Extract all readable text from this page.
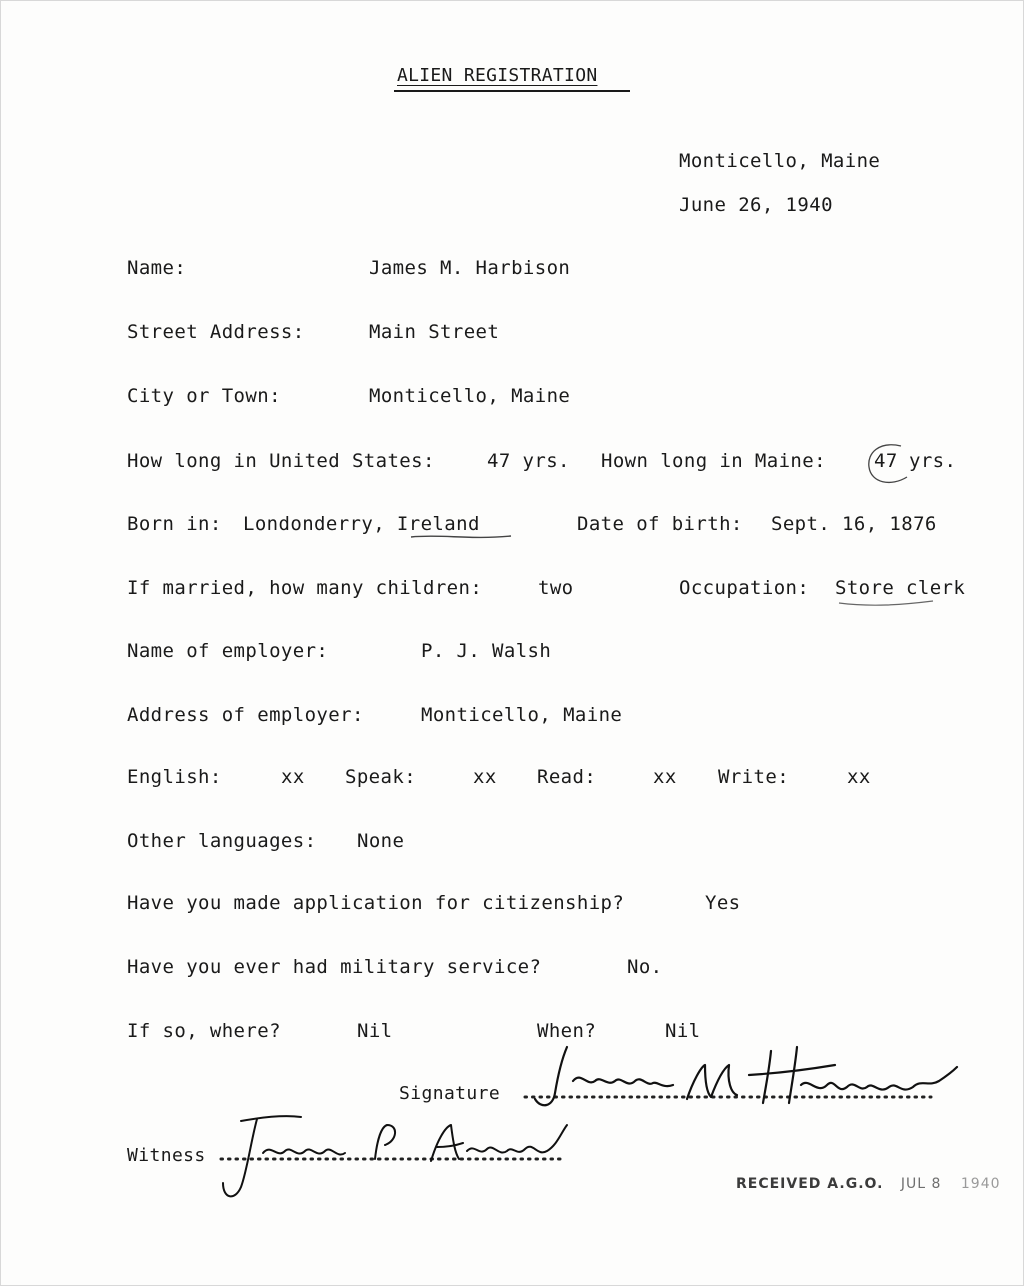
ALIEN REGISTRATION
Monticello, Maine
June 26, 1940
Name:	James M. Harbison
Street Address:	Main Street
City or Town:	Monticello, Maine
How long in United States:	47 yrs. Hown long in Maine:	47 yrs.
Born in: Londonderry, Ireland	Date of birth: Sept. 16, 1876
If married, how many children:	two	Occupation: Store clerk
Name of employer:	P. J. Walsh
Address of employer:	Monticello, Maine
English:	xx Speak:	xx Read:	xx Write:	xx
Other languages: None
Have you made application for citizenship?	Yes
Have you ever had military service?	No.
If so, where?	Nil	When?	Nil
Signature
Witness
RECEIVED A.G.O. JUL 8 1940
